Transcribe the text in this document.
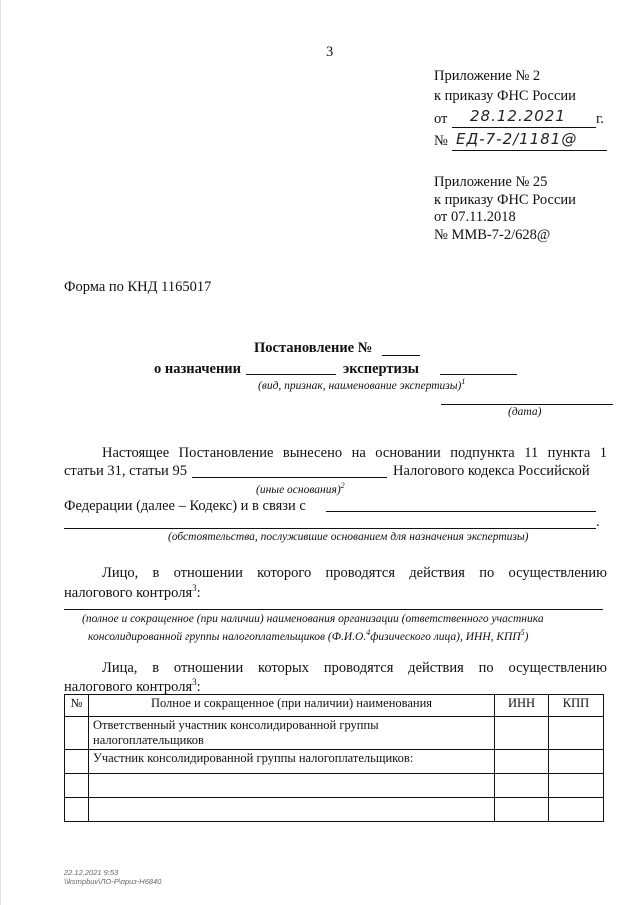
3
Приложение № 2
к приказу ФНС России
от 28.12.2021 г.
№ ЕД-7-2/1181@
Приложение № 25
к приказу ФНС России
от 07.11.2018
№ ММВ-7-2/628@
Форма по КНД 1165017
Постановление №
о назначении	экспертизы
(вид, признак, наименование экспертизы)$^1$
(дата)
Настоящее Постановление вынесено на основании подпункта 11 пункта 1
статьи 31, статьи 95	Налогового кодекса Российской
(иные основания)$^2$
Федерации (далее – Кодекс) и в связи с
.
(обстоятельства, послужившие основанием для назначения экспертизы)
Лицо, в отношении которого проводятся действия по осуществлению
налогового контроля$^3$:
(полное и сокращенное (при наличии) наименования организации (ответственного участника
консолидированной группы налогоплательщиков (Ф.И.О.$^4$физического лица), ИНН, КПП$^5$)
Лица, в отношении которых проводятся действия по осуществлению
налогового контроля$^3$:
№	Полное и сокращенное (при наличии) наименования	ИНН	КПП
	Ответственный участник консолидированной группы налогоплательщиков		
	Участник консолидированной группы налогоплательщиков:		

22.12.2021 9:53
\\ksmpbuv\ЛО-P\приз-Н6840
